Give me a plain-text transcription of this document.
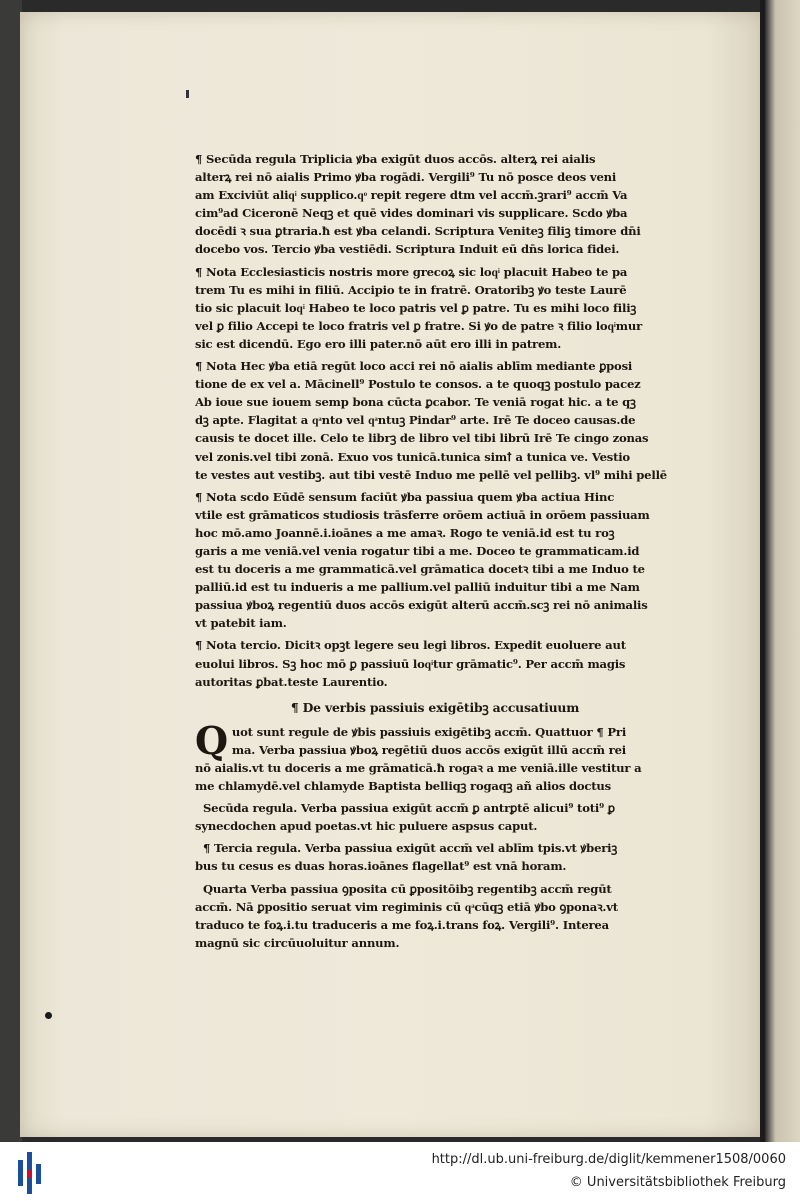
¶ Secūda regula Triplicia ꝟba exigūt duos accōs. alterꝝ rei aialis
alterꝝ rei nō aialis Primo ꝟba rogādi. Vergili⁹ Tu nō posce deos veni
am Exciviūt aliqͥ supplico.qͦ repit regere dtm vel accm̄.ꝫrari⁹ accm̄ Va
cim⁹ad Ciceronē Neqꝫ et quē vides dominari vis supplicare. Scdo ꝟba
docēdi ꝛ sua ꝑtraria.ħ est ꝟba celandi. Scriptura Veniteꝫ filiꝫ timore dn̄i
docebo vos. Tercio ꝟba vestiēdi. Scriptura Induit eū dn̄s lorica fidei.
¶ Nota Ecclesiasticis nostris more grecoꝝ sic loqͥ placuit Habeo te pa
trem Tu es mihi in filiū. Accipio te in fratrē. Oratoribꝫ ꝟo teste Laurē
tio sic placuit loqͥ Habeo te loco patris vel ꝑ patre. Tu es mihi loco filiꝫ
vel ꝑ filio Accepi te loco fratris vel ꝑ fratre. Si ꝟo de patre ꝛ filio loqͥmur
sic est dicendū. Ego ero illi pater.nō aūt ero illi in patrem.
¶ Nota Hec ꝟba etiā regūt loco acci rei nō aialis ablīm mediante ꝑposi
tione de ex vel a. Mācinell⁹ Postulo te consos. a te quoqꝫ postulo pacez
Ab ioue sue iouem semp bona cūcta ꝑcabor. Te veniā rogat hic. a te qꝫ
dꝫ apte. Flagitat a qͣnto vel qͣntuꝫ Pindar⁹ arte. Irē Te doceo causas.de
causis te docet ille. Celo te librꝫ de libro vel tibi librū Irē Te cingo zonas
vel zonis.vel tibi zonā. Exuo vos tunicā.tunica simꝉ a tunica ve. Vestio
te vestes aut vestibꝫ. aut tibi vestē Induo me pellē vel pellibꝫ. vl⁹ mihi pellē
¶ Nota scdo Eūdē sensum faciūt ꝟba passiua quem ꝟba actiua Hinc
vtile est grāmaticos studiosis trāsferre orōem actiuā in orōem passiuam
hoc mō.amo Joannē.i.ioānes a me amaꝛ. Rogo te veniā.id est tu roꝫ
garis a me veniā.vel venia rogatur tibi a me. Doceo te grammaticam.id
est tu doceris a me grammaticā.vel grāmatica docetꝛ tibi a me Induo te
palliū.id est tu indueris a me pallium.vel palliū induitur tibi a me Nam
passiua ꝟboꝝ regentiū duos accōs exigūt alterū accm̄.scꝫ rei nō animalis
vt patebit iam.
¶ Nota tercio. Dicitꝛ opꝫt legere seu legi libros. Expedit euoluere aut
euolui libros. Sꝫ hoc mō ꝑ passiuū loqͥtur grāmatic⁹. Per accm̄ magis
autoritas ꝑbat.teste Laurentio.
¶ De verbis passiuis exigētibꝫ accusatiuum
Q uot sunt regule de ꝟbis passiuis exigētibꝫ accm̄. Quattuor ¶ Pri
ma. Verba passiua ꝟboꝝ regētiū duos accōs exigūt illū accm̄ rei
nō aialis.vt tu doceris a me grāmaticā.ħ rogaꝛ a me veniā.ille vestitur a
me chlamydē.vel chlamyde Baptista belliqꝫ rogaqꝫ añ alios doctus
Secūda regula. Verba passiua exigūt accm̄ ꝑ antrꝑtē alicui⁹ toti⁹ ꝑ
synecdochen apud poetas.vt hic puluere aspsus caput.
¶ Tercia regula. Verba passiua exigūt accm̄ vel ablīm tpis.vt ꝟberiꝫ
bus tu cesus es duas horas.ioānes flagellat⁹ est vnā horam.
Quarta Verba passiua ꝯposita cū ꝑpositōibꝫ regentibꝫ accm̄ regūt
accm̄. Nā ꝑpositio seruat vim regiminis cū qͣcūqꝫ etiā ꝟbo ꝯponaꝛ.vt
traduco te foꝝ.i.tu traduceris a me foꝝ.i.trans foꝝ. Vergili⁹. Interea
magnū sic circūuoluitur annum.
http://dl.ub.uni-freiburg.de/diglit/kemmener1508/0060
© Universitätsbibliothek Freiburg
